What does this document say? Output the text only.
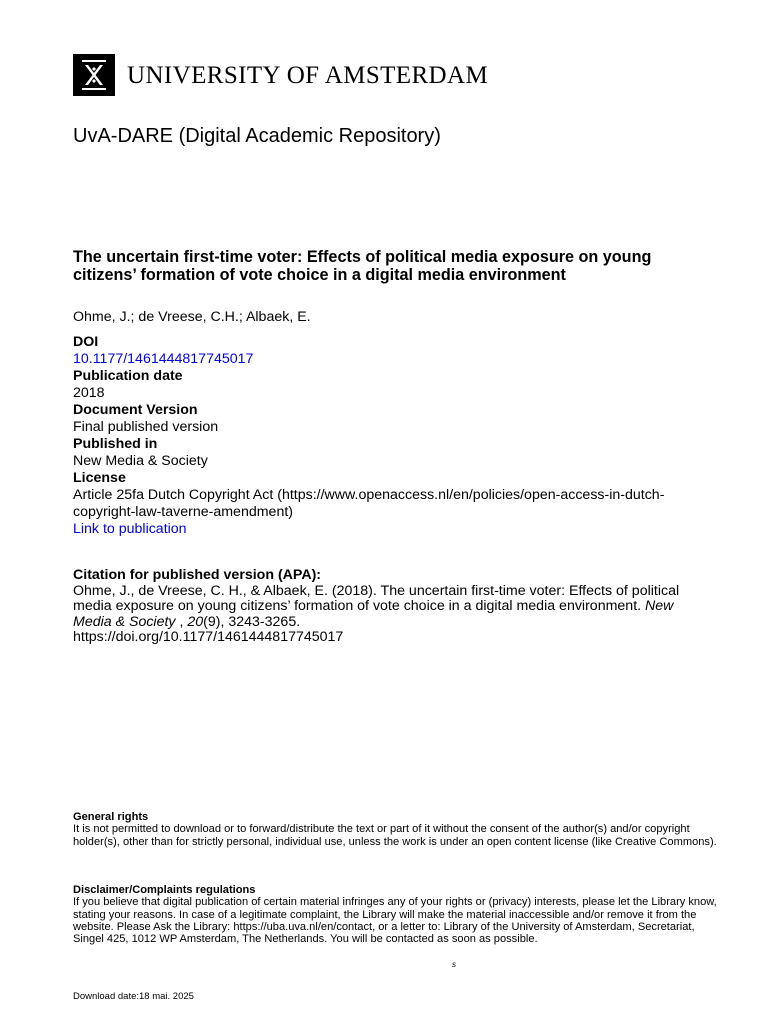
UNIVERSITY OF AMSTERDAM
UvA-DARE (Digital Academic Repository)
The uncertain first-time voter: Effects of political media exposure on young citizens’ formation of vote choice in a digital media environment
Ohme, J.; de Vreese, C.H.; Albaek, E.
DOI
10.1177/1461444817745017
Publication date
2018
Document Version
Final published version
Published in
New Media & Society
License
Article 25fa Dutch Copyright Act (https://www.openaccess.nl/en/policies/open-access-in-dutch-copyright-law-taverne-amendment)
Link to publication
Citation for published version (APA):
Ohme, J., de Vreese, C. H., & Albaek, E. (2018). The uncertain first-time voter: Effects of political media exposure on young citizens’ formation of vote choice in a digital media environment. New Media & Society , 20(9), 3243-3265.
https://doi.org/10.1177/1461444817745017
General rights
It is not permitted to download or to forward/distribute the text or part of it without the consent of the author(s) and/or copyright holder(s), other than for strictly personal, individual use, unless the work is under an open content license (like Creative Commons).
Disclaimer/Complaints regulations
If you believe that digital publication of certain material infringes any of your rights or (privacy) interests, please let the Library know, stating your reasons. In case of a legitimate complaint, the Library will make the material inaccessible and/or remove it from the website. Please Ask the Library: https://uba.uva.nl/en/contact, or a letter to: Library of the University of Amsterdam, Secretariat, Singel 425, 1012 WP Amsterdam, The Netherlands. You will be contacted as soon as possible.
s
Download date:18 mai. 2025
